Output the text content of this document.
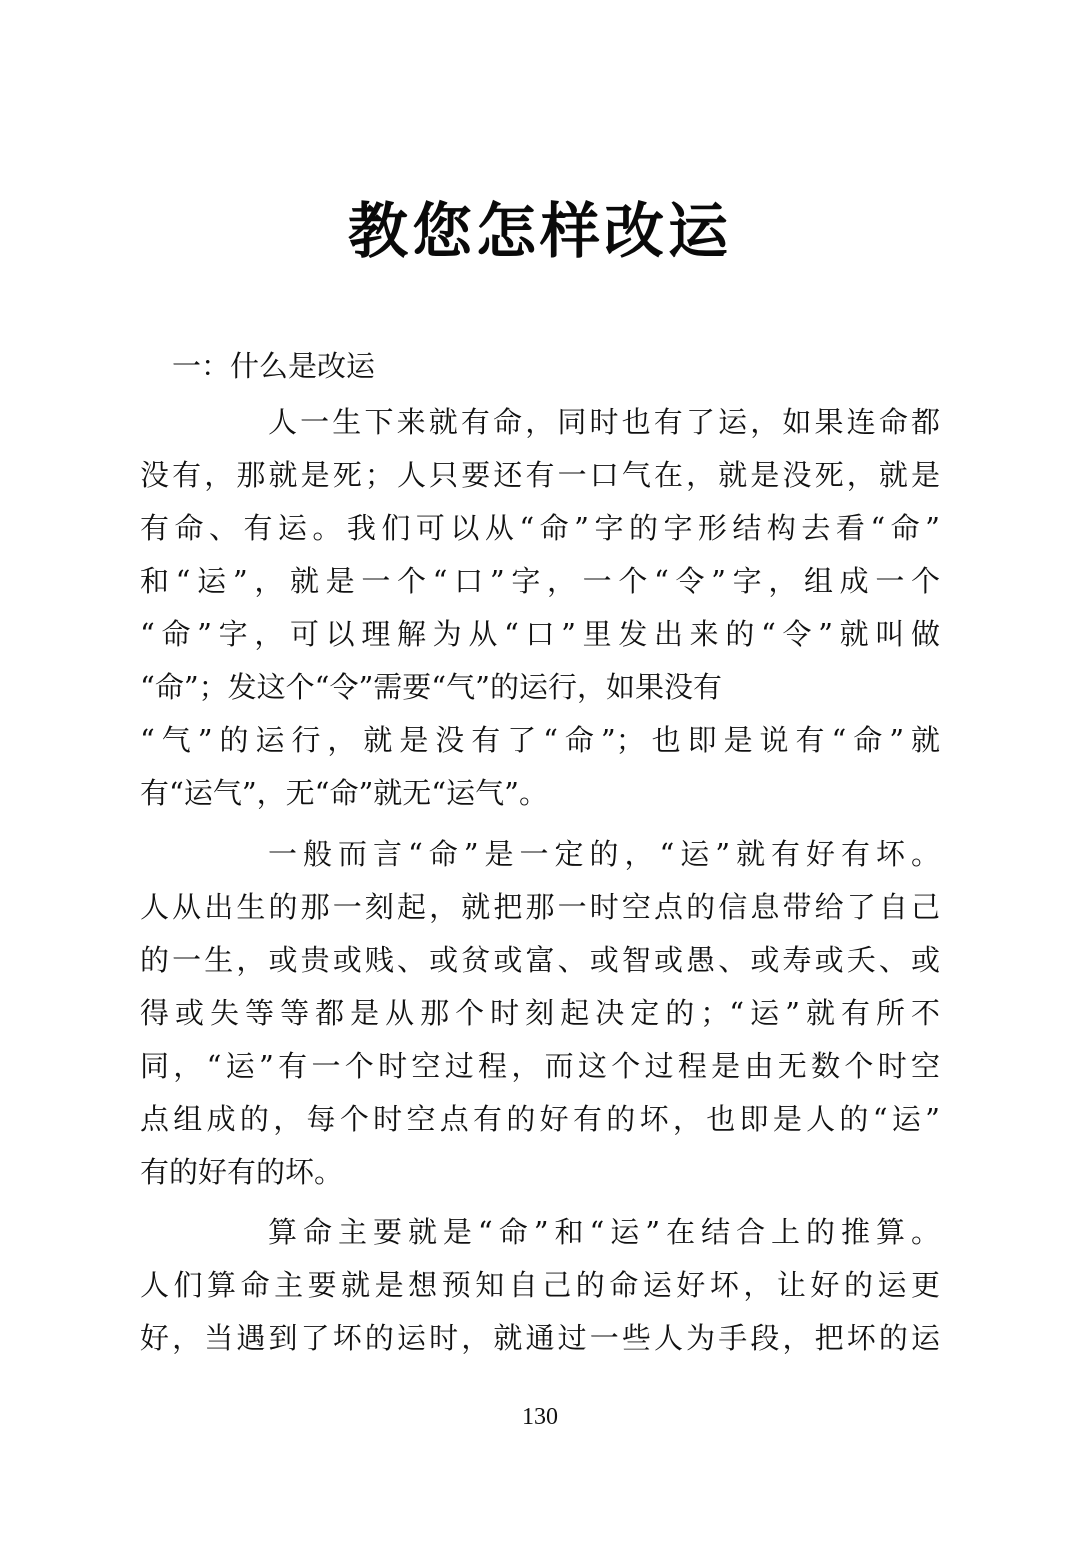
教您怎样改运
一：什么是改运
人一生下来就有命，同时也有了运，如果连命都
没有，那就是死；人只要还有一口气在，就是没死，就是
有命、有运。我们可以从“命”字的字形结构去看“命”
和“运”，就是一个“口”字，一个“令”字，组成一个
“命”字，可以理解为从“口”里发出来的“令”就叫做
“命”；发这个“令”需要“气”的运行，如果没有
“气”的运行，就是没有了“命”；也即是说有“命”就
有“运气”，无“命”就无“运气”。
一般而言“命”是一定的，“运”就有好有坏。
人从出生的那一刻起，就把那一时空点的信息带给了自己
的一生，或贵或贱、或贫或富、或智或愚、或寿或夭、或
得或失等等都是从那个时刻起决定的；“运”就有所不
同，“运”有一个时空过程，而这个过程是由无数个时空
点组成的，每个时空点有的好有的坏，也即是人的“运”
有的好有的坏。
算命主要就是“命”和“运”在结合上的推算。
人们算命主要就是想预知自己的命运好坏，让好的运更
好，当遇到了坏的运时，就通过一些人为手段，把坏的运
130
